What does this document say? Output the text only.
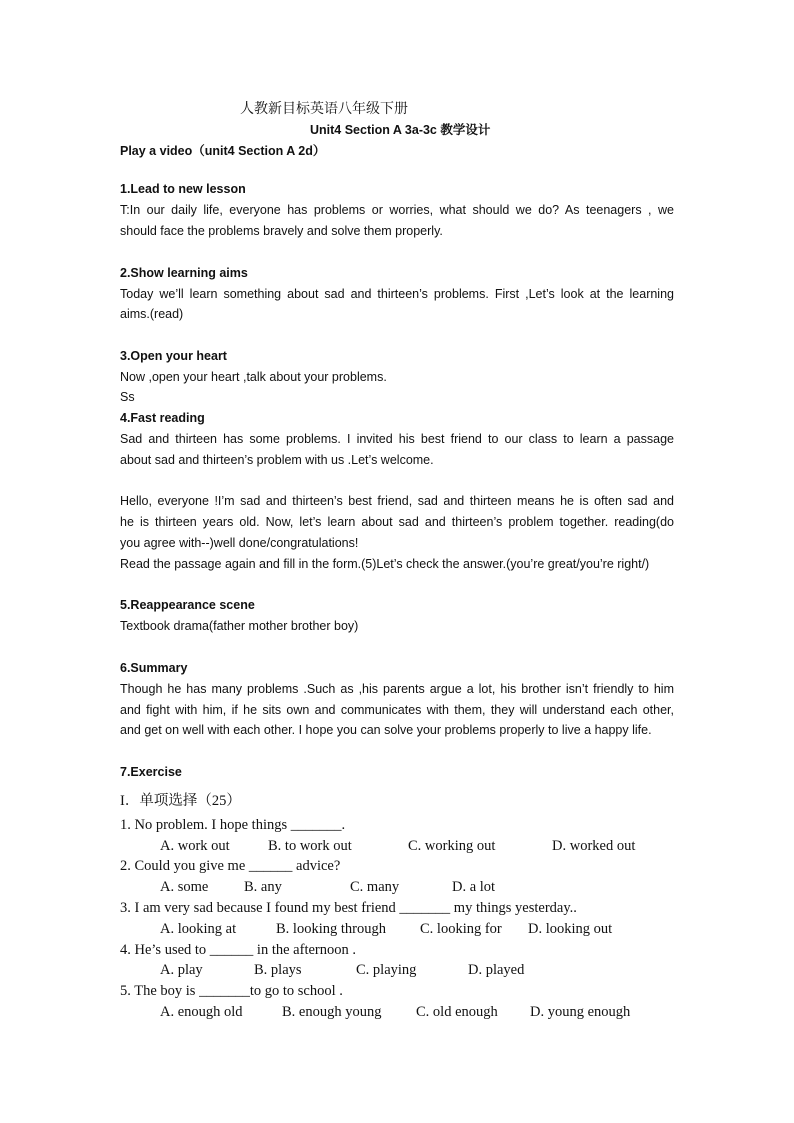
人教新目标英语八年级下册
Unit4 Section A 3a-3c 教学设计
Play a video（unit4 Section A 2d）
1.Lead to new lesson
T:In our daily life, everyone has problems or worries, what should we do? As teenagers , we
should face the problems bravely and solve them properly.
2.Show learning aims
Today we’ll learn something about sad and thirteen’s problems. First ,Let’s look at the learning
aims.(read)
3.Open your heart
Now ,open your heart ,talk about your problems.
Ss
4.Fast reading
Sad and thirteen has some problems. I invited his best friend to our class to learn a passage
about sad and thirteen’s problem with us .Let’s welcome.
Hello, everyone !I’m sad and thirteen’s best friend, sad and thirteen means he is often sad and
he is thirteen years old. Now, let’s learn about sad and thirteen’s problem together. reading(do
you agree with--)well done/congratulations!
Read the passage again and fill in the form.(5)Let’s check the answer.(you’re great/you’re right/)
5.Reappearance scene
Textbook drama(father mother brother boy)
6.Summary
Though he has many problems .Such as ,his parents argue a lot, his brother isn’t friendly to him
and fight with him, if he sits own and communicates with them, they will understand each other,
and get on well with each other. I hope you can solve your problems properly to live a happy life.
7.Exercise
I．单项选择（25）
1. No problem. I hope things _______.
A. work out	B. to work out	C. working out	D. worked out
2. Could you give me ______ advice?
A. some B. any	C. many	D. a lot
3. I am very sad because I found my best friend _______ my things yesterday..
A. looking at	B. looking through C. looking for D. looking out
4. He’s used to ______ in the afternoon .
A. play	B. plays	C. playing	D. played
5. The boy is _______to go to school .
A. enough old	B. enough young C. old enough D. young enough
